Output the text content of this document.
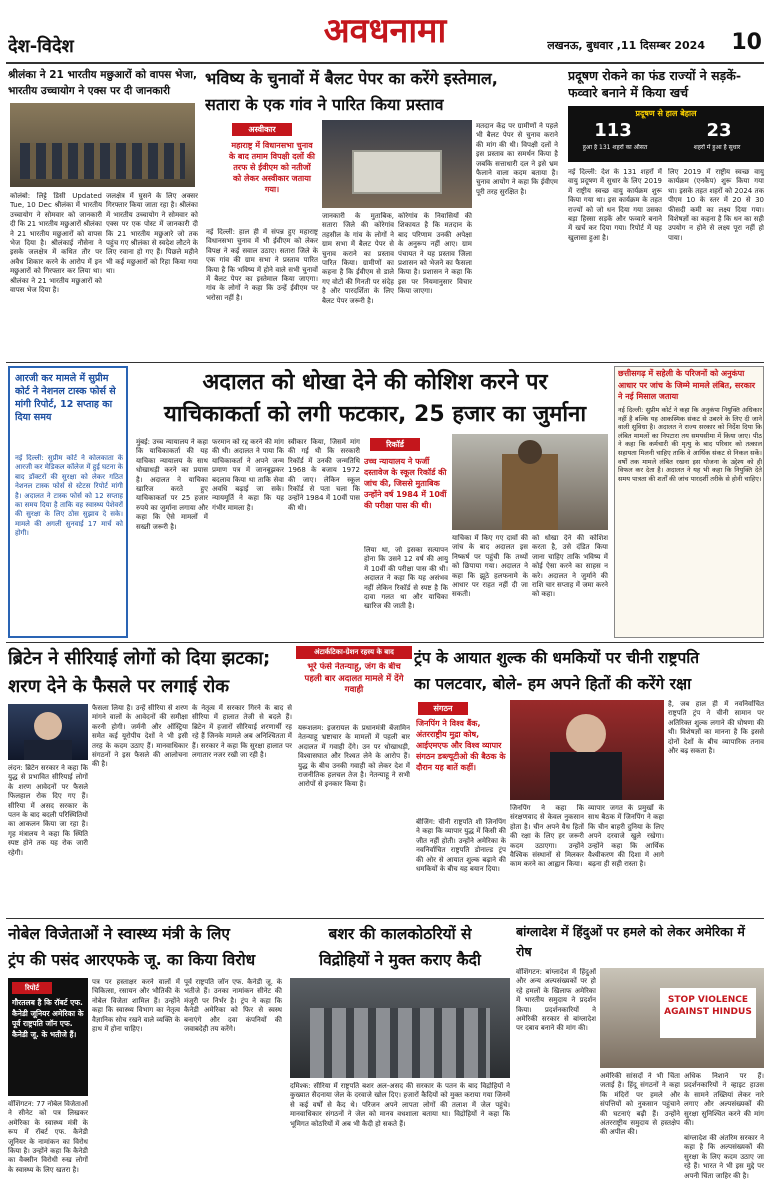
देश-विदेश	अवधनामा	लखनऊ, बुधवार ,11 दिसम्बर 2024	10
श्रीलंका ने 21 भारतीय मछुआरों को वापस भेजा, भारतीय उच्चायोग ने एक्स पर दी जानकारी
कोलंबो: लिट्टे डिसी Updated Tue, 10 Dec श्रीलंका में भारतीय उच्चायोग ने सोमवार को जानकारी दी कि 21 भारतीय मछुआरों श्रीलंका ने 21 भारतीय मछुआरों को वापस भेज दिया है। श्रीलंकाई नौसेना ने इसके जलक्षेत्र में कथित तौर पर अवैध शिकार करने के आरोप में इन मछुआरों को गिरफ्तार कर लिया था। श्रीलंका ने 21 भारतीय मछुआरों को वापस भेज दिया है।
जलक्षेत्र में घुसने के लिए अक्सर गिरफ्तार किया जाता रहा है। श्रीलंका में भारतीय उच्चायोग ने सोमवार को एक्स पर एक पोस्ट में जानकारी दी कि 21 भारतीय मछुआरे जो तक पहुंच गए श्रीलंका से स्वदेश लौटने के लिए रवाना हो गए हैं। पिछले महीने भी कई मछुआरों को रिहा किया गया था।
भविष्य के चुनावों में बैलट पेपर का करेंगे इस्तेमाल,
सतारा के एक गांव ने पारित किया प्रस्ताव
अस्वीकार
महाराष्ट्र में विधानसभा चुनाव के बाद तमाम विपक्षी दलों की तरफ से ईवीएम को नतीजों को लेकर अस्वीकार जताया गया।
नई दिल्ली: हाल ही में संपन्न हुए महाराष्ट्र विधानसभा चुनाव में भी ईवीएम को लेकर विपक्ष ने कई सवाल उठाए। सतारा जिले के एक गांव की ग्राम सभा ने प्रस्ताव पारित किया है कि भविष्य में होने वाले सभी चुनावों में बैलट पेपर का इस्तेमाल किया जाएगा। गांव के लोगों ने कहा कि उन्हें ईवीएम पर भरोसा नहीं है।
जानकारी के मुताबिक, सतारा जिले की कोरेगांव तहसील के गांव के लोगों ने ग्राम सभा में बैलट पेपर से चुनाव कराने का प्रस्ताव पारित किया। ग्रामीणों का कहना है कि ईवीएम से डाले गए वोटों की गिनती पर संदेह है और पारदर्शिता के लिए बैलट पेपर जरूरी है।
कोरेगांव के निवासियों की शिकायत है कि मतदान के बाद परिणाम उनकी अपेक्षा के अनुरूप नहीं आए। ग्राम पंचायत ने यह प्रस्ताव जिला प्रशासन को भेजने का फैसला किया है। प्रशासन ने कहा कि इस पर नियमानुसार विचार किया जाएगा।
मतदान केंद्र पर ग्रामीणों ने पहले भी बैलट पेपर से चुनाव कराने की मांग की थी। विपक्षी दलों ने इस प्रस्ताव का समर्थन किया है जबकि सत्ताधारी दल ने इसे भ्रम फैलाने वाला कदम बताया है। चुनाव आयोग ने कहा कि ईवीएम पूरी तरह सुरक्षित है।
प्रदूषण रोकने का फंड राज्यों ने सड़कें-फव्वारे बनाने में किया खर्च
प्रदूषण से हाल बेहाल
113
हुआ है 131 शहरों का औसत
23
शहरों में हुआ है सुधार
नई दिल्ली: देश के 131 शहरों में वायु प्रदूषण में सुधार के लिए 2019 में राष्ट्रीय स्वच्छ वायु कार्यक्रम शुरू किया गया था। इस कार्यक्रम के तहत राज्यों को जो धन दिया गया उसका बड़ा हिस्सा सड़कें और फव्वारे बनाने में खर्च कर दिया गया। रिपोर्ट में यह खुलासा हुआ है।
लिए 2019 में राष्ट्रीय स्वच्छ वायु कार्यक्रम (एनकैप) शुरू किया गया था। इसके तहत शहरों को 2024 तक पीएम 10 के स्तर में 20 से 30 फीसदी कमी का लक्ष्य दिया गया। विशेषज्ञों का कहना है कि धन का सही उपयोग न होने से लक्ष्य पूरा नहीं हो पाया।
आरजी कर मामले में सुप्रीम कोर्ट ने नेशनल टास्क फोर्स से मांगी रिपोर्ट, 12 सप्ताह का दिया समय
नई दिल्ली: सुप्रीम कोर्ट ने कोलकाता के आरजी कर मेडिकल कॉलेज में हुई घटना के बाद डॉक्टरों की सुरक्षा को लेकर गठित नेशनल टास्क फोर्स से स्टेटस रिपोर्ट मांगी है। अदालत ने टास्क फोर्स को 12 सप्ताह का समय दिया है ताकि वह स्वास्थ्य पेशेवरों की सुरक्षा के लिए ठोस सुझाव दे सके। मामले की अगली सुनवाई 17 मार्च को होगी।
अदालत को धोखा देने की कोशिश करने पर
याचिकाकर्ता को लगी फटकार, 25 हजार का जुर्माना
मुंबई: उच्च न्यायालय ने कहा कि याचिकाकर्ता की यह याचिका न्यायालय के साथ धोखाधड़ी करने का प्रयास है। अदालत ने याचिका खारिज करते हुए याचिकाकर्ता पर 25 हजार रुपये का जुर्माना लगाया और कहा कि ऐसे मामलों में सख्ती जरूरी है।
फरमान को रद्द करने की मांग की थी। अदालत ने पाया कि याचिकाकर्ता ने अपने जन्म प्रमाण पत्र में जानबूझकर बदलाव किया था ताकि सेवा अवधि बढ़ाई जा सके। न्यायमूर्ति ने कहा कि यह गंभीर मामला है।
स्वीकार किया, जिसमें मांग की गई थी कि सरकारी रिकॉर्ड में उनकी जन्मतिथि 1968 के बजाय 1972 की जाए। लेकिन स्कूल रिकॉर्ड से पता चला कि उन्होंने 1984 में 10वीं पास की थी।
रिकॉर्ड
उच्च न्यायालय ने फर्जी दस्तावेज के स्कूल रिकॉर्ड की जांच की, जिससे मुताबिक उन्होंने वर्ष 1984 में 10वीं की परीक्षा पास की थी।
लिया था, जो इसका सत्यापन होना कि उसने 12 वर्ष की आयु में 10वीं की परीक्षा पास की थी। अदालत ने कहा कि यह असंभव नहीं लेकिन रिकॉर्ड से स्पष्ट है कि दावा गलत था और याचिका खारिज की जाती है।
याचिका में किए गए दावों की जांच के बाद अदालत इस निष्कर्ष पर पहुंची कि तथ्यों को छिपाया गया। अदालत ने कहा कि झूठे हलफनामे के आधार पर राहत नहीं दी जा सकती।
को धोखा देने की कोशिश करता है, उसे दंडित किया जाना चाहिए ताकि भविष्य में कोई ऐसा करने का साहस न करे। अदालत ने जुर्माने की राशि चार सप्ताह में जमा करने को कहा।
छत्तीसगढ़ में सहेली के परिजनों को अनुकंपा आधार पर जांच के जिम्मे मामले लंबित, सरकार ने नई मिसाल जताया
नई दिल्ली: सुप्रीम कोर्ट ने कहा कि अनुकंपा नियुक्ति अधिकार नहीं है बल्कि यह आकस्मिक संकट से उबरने के लिए दी जाने वाली सुविधा है। अदालत ने राज्य सरकार को निर्देश दिया कि लंबित मामलों का निपटारा तय समयसीमा में किया जाए। पीठ ने कहा कि कर्मचारी की मृत्यु के बाद परिवार को तत्काल सहायता मिलनी चाहिए ताकि वे आर्थिक संकट से निकल सकें। वर्षों तक मामले लंबित रखना इस योजना के उद्देश्य को ही विफल कर देता है। अदालत ने यह भी कहा कि नियुक्ति देते समय पात्रता की शर्तों की जांच पारदर्शी तरीके से होनी चाहिए।
ब्रिटेन ने सीरियाई लोगों को दिया झटका;
शरण देने के फैसले पर लगाई रोक
लंदन: ब्रिटेन सरकार ने कहा कि युद्ध से प्रभावित सीरियाई लोगों के शरण आवेदनों पर फैसले फिलहाल रोक दिए गए हैं। सीरिया में असद सरकार के पतन के बाद बदली परिस्थितियों का आकलन किया जा रहा है। गृह मंत्रालय ने कहा कि स्थिति स्पष्ट होने तक यह रोक जारी रहेगी।
फैसला लिया है। उन्हें सीरिया से शरण मांगने वालों के आवेदनों की समीक्षा करनी होगी। जर्मनी और ऑस्ट्रिया समेत कई यूरोपीय देशों ने भी इसी तरह के कदम उठाए हैं। मानवाधिकार संगठनों ने इस फैसले की आलोचना की है।
के नेतृत्व में सरकार गिरने के बाद से सीरिया में हालात तेजी से बदले हैं। ब्रिटेन में हजारों सीरियाई शरणार्थी रह रहे हैं जिनके मामले अब अनिश्चितता में हैं। सरकार ने कहा कि सुरक्षा हालात पर लगातार नजर रखी जा रही है।
अंटार्कटिका-ग्रेशन रहस्य के बाद
भूरे फंसे नेतन्याहू, जंग के बीच पहली बार अदालत मामले में देंगे गवाही
यरूशलम: इजरायल के प्रधानमंत्री बेंजामिन नेतन्याहू भ्रष्टाचार के मामलों में पहली बार अदालत में गवाही देंगे। उन पर धोखाधड़ी, विश्वासघात और रिश्वत लेने के आरोप हैं। युद्ध के बीच उनकी गवाही को लेकर देश में राजनीतिक हलचल तेज है। नेतन्याहू ने सभी आरोपों से इनकार किया है।
ट्रंप के आयात शुल्क की धमकियों पर चीनी राष्ट्रपति
का पलटवार, बोले- हम अपने हितों की करेंगे रक्षा
संगठन
जिनपिंग ने विश्व बैंक, अंतरराष्ट्रीय मुद्रा कोष, आईएमएफ और विश्व व्यापार संगठन डब्ल्यूटीओ की बैठक के दौरान यह बातें कहीं।
बीजिंग: चीनी राष्ट्रपति शी जिनपिंग ने कहा कि व्यापार युद्ध में किसी की जीत नहीं होती। उन्होंने अमेरिका के नवनिर्वाचित राष्ट्रपति डोनाल्ड ट्रंप की ओर से आयात शुल्क बढ़ाने की धमकियों के बीच यह बयान दिया।
जिनपिंग ने कहा कि संरक्षणवाद से केवल नुकसान होता है। चीन अपने वैध हितों की रक्षा के लिए हर जरूरी कदम उठाएगा। उन्होंने वैश्विक संस्थानों से मिलकर काम करने का आह्वान किया।
व्यापार जगत के प्रमुखों के साथ बैठक में जिनपिंग ने कहा कि चीन बाहरी दुनिया के लिए अपने दरवाजे खुले रखेगा। उन्होंने कहा कि आर्थिक वैश्वीकरण की दिशा में आगे बढ़ना ही सही रास्ता है।
है, जब हाल ही में नवनिर्वाचित राष्ट्रपति ट्रंप ने चीनी सामान पर अतिरिक्त शुल्क लगाने की घोषणा की थी। विशेषज्ञों का मानना है कि इससे दोनों देशों के बीच व्यापारिक तनाव और बढ़ सकता है।
नोबेल विजेताओं ने स्वास्थ्य मंत्री के लिए
ट्रंप की पसंद आरएफके जू. का किया विरोध
रिपोर्ट
गौरतलब है कि रॉबर्ट एफ. कैनेडी जूनियर अमेरिका के पूर्व राष्ट्रपति जॉन एफ. कैनेडी जू. के भतीजे हैं।
वॉशिंगटन: 77 नोबेल विजेताओं ने सीनेट को पत्र लिखकर अमेरिका के स्वास्थ्य मंत्री के रूप में रॉबर्ट एफ. कैनेडी जूनियर के नामांकन का विरोध किया है। उन्होंने कहा कि कैनेडी का वैक्सीन विरोधी रुख लोगों के स्वास्थ्य के लिए खतरा है।
पत्र पर हस्ताक्षर करने वालों में चिकित्सा, रसायन और भौतिकी के नोबेल विजेता शामिल हैं। उन्होंने कहा कि स्वास्थ्य विभाग का नेतृत्व वैज्ञानिक सोच रखने वाले व्यक्ति के हाथ में होना चाहिए।
पूर्व राष्ट्रपति जॉन एफ. कैनेडी जू. के भतीजे हैं। उनका नामांकन सीनेट की मंजूरी पर निर्भर है। ट्रंप ने कहा कि कैनेडी अमेरिका को फिर से स्वस्थ बनाएंगे और दवा कंपनियों की जवाबदेही तय करेंगे।
बशर की कालकोठरियों से
विद्रोहियों ने मुक्त कराए कैदी
दमिश्क: सीरिया में राष्ट्रपति बशर अल-असद की सरकार के पतन के बाद विद्रोहियों ने कुख्यात सैदनाया जेल के दरवाजे खोल दिए। हजारों कैदियों को मुक्त कराया गया जिनमें से कई वर्षों से कैद थे। परिजन अपने लापता लोगों की तलाश में जेल पहुंचे। मानवाधिकार संगठनों ने जेल को मानव वधशाला बताया था। विद्रोहियों ने कहा कि भूमिगत कोठरियों में अब भी कैदी हो सकते हैं।
बांग्लादेश में हिंदुओं पर हमले को लेकर अमेरिका में रोष
वॉशिंगटन: बांग्लादेश में हिंदुओं और अन्य अल्पसंख्यकों पर हो रहे हमलों के खिलाफ अमेरिका में भारतीय समुदाय ने प्रदर्शन किया। प्रदर्शनकारियों ने अमेरिकी सरकार से बांग्लादेश पर दबाव बनाने की मांग की।
STOP VIOLENCE AGAINST HINDUS
अमेरिकी सांसदों ने भी चिंता जताई है। हिंदू संगठनों ने कहा कि मंदिरों पर हमले और संपत्तियों को नुकसान पहुंचाने की घटनाएं बढ़ी हैं। उन्होंने अंतरराष्ट्रीय समुदाय से हस्तक्षेप की अपील की।
अधिक निशाने पर हैं। प्रदर्शनकारियों ने व्हाइट हाउस के सामने तख्तियां लेकर नारे लगाए और अल्पसंख्यकों की सुरक्षा सुनिश्चित करने की मांग की।
बांग्लादेश की अंतरिम सरकार ने कहा है कि अल्पसंख्यकों की सुरक्षा के लिए कदम उठाए जा रहे हैं। भारत ने भी इस मुद्दे पर अपनी चिंता जाहिर की है।
